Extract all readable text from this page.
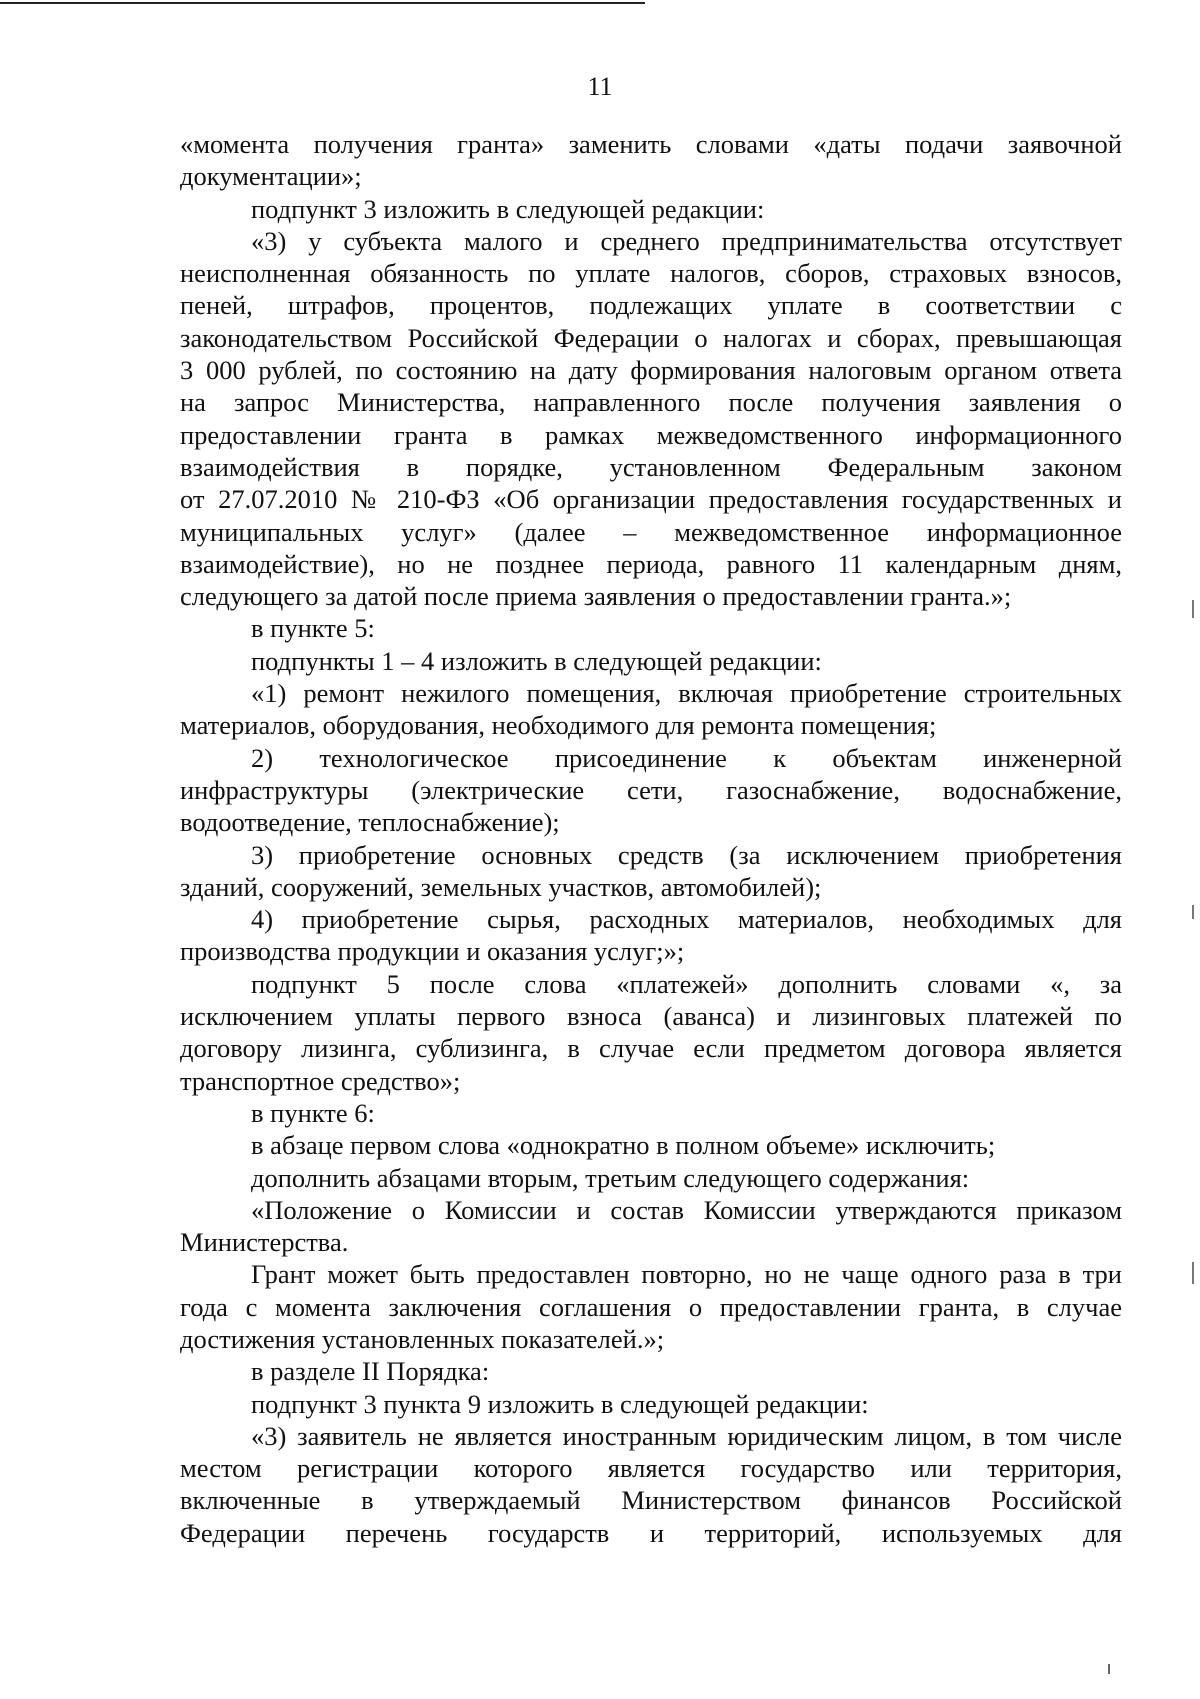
11
«момента получения гранта» заменить словами «даты подачи заявочной
документации»;
подпункт 3 изложить в следующей редакции:
«3) у субъекта малого и среднего предпринимательства отсутствует
неисполненная обязанность по уплате налогов, сборов, страховых взносов,
пеней, штрафов, процентов, подлежащих уплате в соответствии с
законодательством Российской Федерации о налогах и сборах, превышающая
3 000 рублей, по состоянию на дату формирования налоговым органом ответа
на запрос Министерства, направленного после получения заявления о
предоставлении гранта в рамках межведомственного информационного
взаимодействия в порядке, установленном Федеральным законом
от 27.07.2010 № 210-ФЗ «Об организации предоставления государственных и
муниципальных услуг» (далее – межведомственное информационное
взаимодействие), но не позднее периода, равного 11 календарным дням,
следующего за датой после приема заявления о предоставлении гранта.»;
в пункте 5:
подпункты 1 – 4 изложить в следующей редакции:
«1) ремонт нежилого помещения, включая приобретение строительных
материалов, оборудования, необходимого для ремонта помещения;
2) технологическое присоединение к объектам инженерной
инфраструктуры (электрические сети, газоснабжение, водоснабжение,
водоотведение, теплоснабжение);
3) приобретение основных средств (за исключением приобретения
зданий, сооружений, земельных участков, автомобилей);
4) приобретение сырья, расходных материалов, необходимых для
производства продукции и оказания услуг;»;
подпункт 5 после слова «платежей» дополнить словами «, за
исключением уплаты первого взноса (аванса) и лизинговых платежей по
договору лизинга, сублизинга, в случае если предметом договора является
транспортное средство»;
в пункте 6:
в абзаце первом слова «однократно в полном объеме» исключить;
дополнить абзацами вторым, третьим следующего содержания:
«Положение о Комиссии и состав Комиссии утверждаются приказом
Министерства.
Грант может быть предоставлен повторно, но не чаще одного раза в три
года с момента заключения соглашения о предоставлении гранта, в случае
достижения установленных показателей.»;
в разделе II Порядка:
подпункт 3 пункта 9 изложить в следующей редакции:
«3) заявитель не является иностранным юридическим лицом, в том числе
местом регистрации которого является государство или территория,
включенные в утверждаемый Министерством финансов Российской
Федерации перечень государств и территорий, используемых для
